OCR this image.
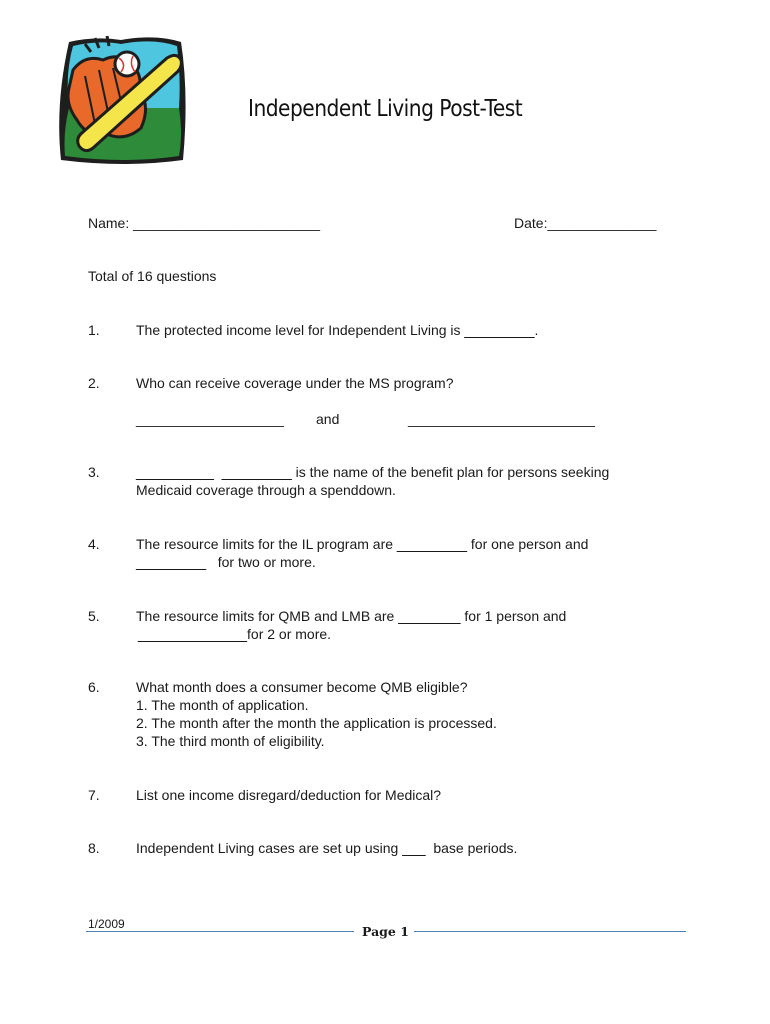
Independent Living Post-Test
Name: ________________________	Date:______________
Total of 16 questions
1.	The protected income level for Independent Living is _________.
2.	Who can receive coverage under the MS program?
___________________ and	________________________
3.	__________ _________ is the name of the benefit plan for persons seeking
Medicaid coverage through a spenddown.
4.	The resource limits for the IL program are _________ for one person and
_________   for two or more.
5.	The resource limits for QMB and LMB are ________ for 1 person and
______________for 2 or more.
6.	What month does a consumer become QMB eligible?
1. The month of application.
2. The month after the month the application is processed.
3. The third month of eligibility.
7.	List one income disregard/deduction for Medical?
8.	Independent Living cases are set up using ___  base periods.
1/2009	Page 1
